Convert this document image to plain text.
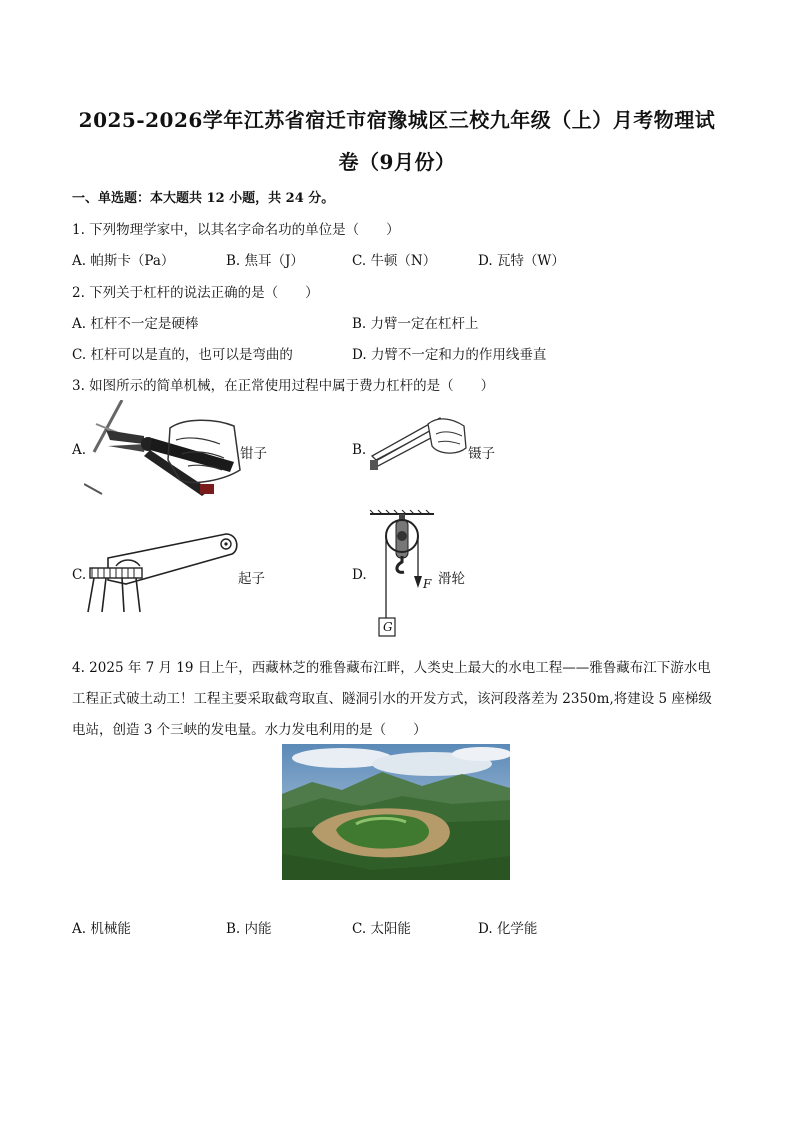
2025-2026学年江苏省宿迁市宿豫城区三校九年级（上）月考物理试
卷（9月份）
一、单选题：本大题共 12 小题，共 24 分。
1. 下列物理学家中，以其名字命名功的单位是（　　）
A. 帕斯卡（Pa）	B. 焦耳（J）	C. 牛顿（N）	D. 瓦特（W）
2. 下列关于杠杆的说法正确的是（　　）
A. 杠杆不一定是硬棒	B. 力臂一定在杠杆上
C. 杠杆可以是直的，也可以是弯曲的	D. 力臂不一定和力的作用线垂直
3. 如图所示的简单机械，在正常使用过程中属于费力杠杆的是（　　）
A.	钳子	B.	镊子
C.	起子	D.
F
G
滑轮
4. 2025 年 7 月 19 日上午，西藏林芝的雅鲁藏布江畔，人类史上最大的水电工程——雅鲁藏布江下游水电
工程正式破土动工！工程主要采取截弯取直、隧洞引水的开发方式，该河段落差为 2350m,将建设 5 座梯级
电站，创造 3 个三峡的发电量。水力发电利用的是（　　）
A. 机械能	B. 内能	C. 太阳能	D. 化学能
